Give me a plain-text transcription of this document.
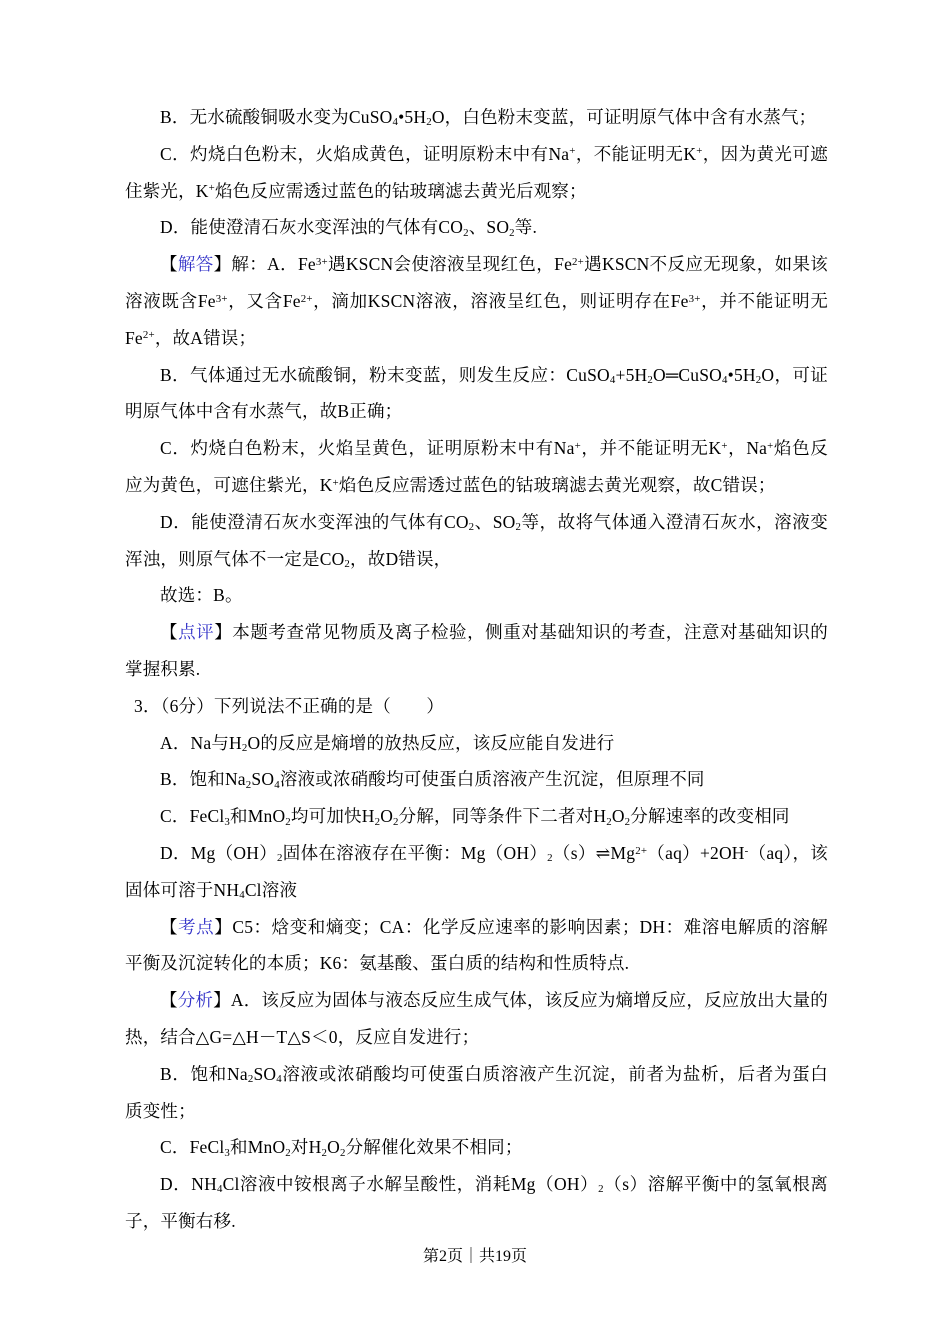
B．无水硫酸铜吸水变为$CuSO_4•5H_2O$，白色粉末变蓝，可证明原气体中含有水蒸气；

C．灼烧白色粉末，火焰成黄色，证明原粉末中有Na+，不能证明无K+，因为黄光可遮住紫光，K+焰色反应需透过蓝色的钴玻璃滤去黄光后观察；

D．能使澄清石灰水变浑浊的气体有$CO_2$、$SO_2$等.

【解答】解：A．$Fe^{3+}$遇KSCN会使溶液呈现红色，$Fe^{2+}$遇KSCN不反应无现象，如果该溶液既含$Fe^{3+}$，又含$Fe^{2+}$，滴加KSCN溶液，溶液呈红色，则证明存在$Fe^{3+}$，并不能证明无$Fe^{2+}$，故A错误；

B．气体通过无水硫酸铜，粉末变蓝，则发生反应：$CuSO_4+5H_2O═CuSO_4•5H_2O$，可证明原气体中含有水蒸气，故B正确；

C．灼烧白色粉末，火焰呈黄色，证明原粉末中有Na+，并不能证明无K+，Na+焰色反应为黄色，可遮住紫光，K+焰色反应需透过蓝色的钴玻璃滤去黄光观察，故C错误；

D．能使澄清石灰水变浑浊的气体有$CO_2$、$SO_2$等，故将气体通入澄清石灰水，溶液变浑浊，则原气体不一定是$CO_2$，故D错误，

故选：B。

【点评】本题考查常见物质及离子检验，侧重对基础知识的考查，注意对基础知识的掌握积累.

3．（6分）下列说法不正确的是（　　）

A．Na与$H_2O$的反应是熵增的放热反应，该反应能自发进行

B．饱和$Na_2SO_4$溶液或浓硝酸均可使蛋白质溶液产生沉淀，但原理不同

C．FeCl$_3$和MnO$_2$均可加快$H_2O_2$分解，同等条件下二者对$H_2O_2$分解速率的改变相同

D．$Mg(OH)_2$固体在溶液存在平衡：$Mg(OH)_2(s)\rightleftharpoons Mg^{2+}(aq)+2OH^-(aq)$，该固体可溶于$NH_4Cl$溶液

【考点】C5：焓变和熵变；CA：化学反应速率的影响因素；DH：难溶电解质的溶解平衡及沉淀转化的本质；K6：氨基酸、蛋白质的结构和性质特点.

【分析】A．该反应为固体与液态反应生成气体，该反应为熵增反应，反应放出大量的热，结合△G=△H－T△S＜0，反应自发进行；

B．饱和$Na_2SO_4$溶液或浓硝酸均可使蛋白质溶液产生沉淀，前者为盐析，后者为蛋白质变性；

C．FeCl$_3$和MnO$_2$对$H_2O_2$分解催化效果不相同；

D．$NH_4Cl$溶液中铵根离子水解呈酸性，消耗$Mg(OH)_2(s)$溶解平衡中的氢氧根离子，平衡右移.

第2页｜共19页
